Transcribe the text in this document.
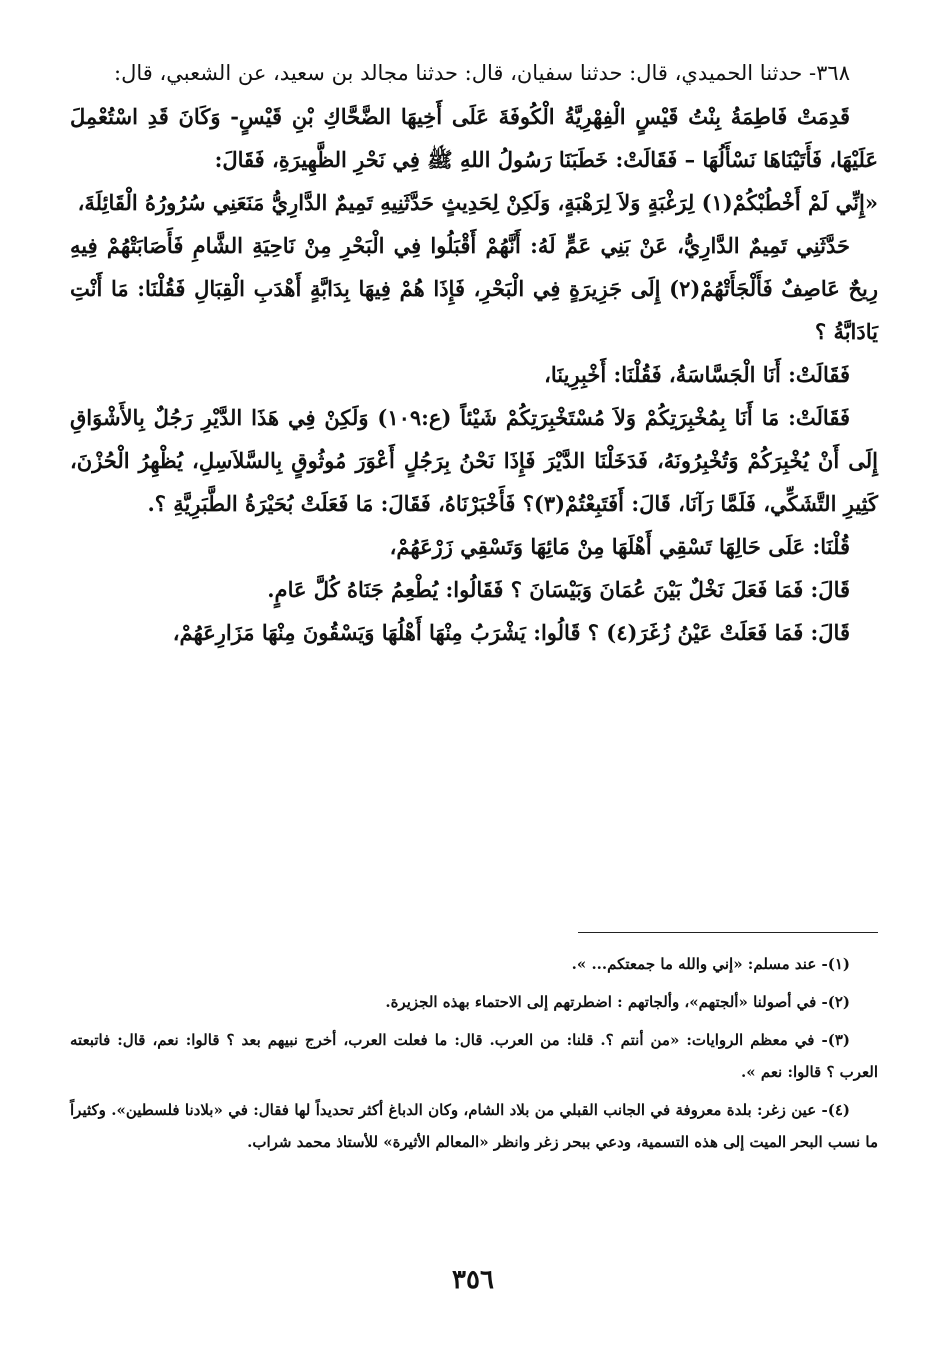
٣٦٨- حدثنا الحميدي، قال: حدثنا سفيان، قال: حدثنا مجالد بن سعيد، عن الشعبي، قال:

قَدِمَتْ فَاطِمَةُ بِنْتُ قَيْسٍ الْفِهْرِيَّةُ الْكُوفَةَ عَلَى أَخِيهَا الضَّحَّاكِ بْنِ قَيْسٍ- وَكَانَ قَدِ اسْتُعْمِلَ عَلَيْهَا، فَأَتَيْنَاهَا نَسْأَلُهَا – فَقَالَتْ: خَطَبَنَا رَسُولُ اللهِ ﷺ فِي نَحْرِ الظَّهِيرَةِ، فَقَالَ:

«إِنِّي لَمْ أَخْطُبْكُمْ(١) لِرَغْبَةٍ وَلاَ لِرَهْبَةٍ، وَلَكِنْ لِحَدِيثٍ حَدَّثَنِيهِ تَمِيمٌ الدَّارِيُّ مَنَعَنِي سُرُورُهُ الْقَائِلَةَ،

حَدَّثَنِي تَمِيمٌ الدَّارِيُّ، عَنْ بَنِي عَمٍّ لَهُ: أَنَّهُمْ أَقْبَلُوا فِي الْبَحْرِ مِنْ نَاحِيَةِ الشَّامِ فَأَصَابَتْهُمْ فِيهِ رِيحٌ عَاصِفٌ فَأَلْجَأَتْهُمْ(٢) إِلَى جَزِيرَةٍ فِي الْبَحْرِ، فَإِذَا هُمْ فِيهَا بِدَابَّةٍ أَهْدَبِ الْقِبَالِ فَقُلْنَا: مَا أَنْتِ يَادَابَّةُ ؟

فَقَالَتْ: أَنَا الْجَسَّاسَةُ، فَقُلْنَا: أَخْبِرِينَا،

فَقَالَتْ: مَا أَنَا بِمُخْبِرَتِكُمْ وَلاَ مُسْتَخْبِرَتِكُمْ شَيْئاً (ع:١٠٩) وَلَكِنْ فِي هَذَا الدَّيْرِ رَجُلٌ بِالأَشْوَاقِ إِلَى أَنْ يُخْبِرَكُمْ وَتُخْبِرُونَهُ، فَدَخَلْنَا الدَّيْرَ فَإِذَا نَحْنُ بِرَجُلٍ أَعْوَرَ مُوثُوقٍ بِالسَّلاَسِلِ، يُظْهِرُ الْحُزْنَ، كَثِيرِ التَّشَكِّي، فَلَمَّا رَآنَا، قَالَ: أَفَتَبِعْتُمْ(٣)؟ فَأَخْبَرْنَاهُ، فَقَالَ: مَا فَعَلَتْ بُحَيْرَةُ الطَّبَرِيَّةِ ؟.

قُلْنَا: عَلَى حَالِهَا تَسْقِي أَهْلَهَا مِنْ مَائِهَا وَتَسْقِي زَرْعَهُمْ،

قَالَ: فَمَا فَعَلَ نَخْلٌ بَيْنَ عُمَانَ وَبَيْسَانَ ؟ فَقَالُوا: يُطْعِمُ جَنَاهُ كُلَّ عَامٍ.

قَالَ: فَمَا فَعَلَتْ عَيْنُ زُغَرَ(٤) ؟ قَالُوا: يَشْرَبُ مِنْهَا أَهْلُهَا وَيَسْقُونَ مِنْهَا مَزَارِعَهُمْ،

(١)- عند مسلم: «إني والله ما جمعتكم... ».

(٢)- في أصولنا «ألجتهم»، وألجاتهم : اضطرتهم إلى الاحتماء بهذه الجزيرة.

(٣)- في معظم الروايات: «من أنتم ؟. قلنا: من العرب. قال: ما فعلت العرب، أخرج نبيهم بعد ؟ قالوا: نعم، قال: فاتبعته العرب ؟ قالوا: نعم ».

(٤)- عين زغر: بلدة معروفة في الجانب القبلي من بلاد الشام، وكان الدباغ أكثر تحديداً لها فقال: في «بلادنا فلسطين». وكثيراً ما نسب البحر الميت إلى هذه التسمية، ودعي ببحر زغر وانظر «المعالم الأثيرة» للأستاذ محمد شراب.

٣٥٦
